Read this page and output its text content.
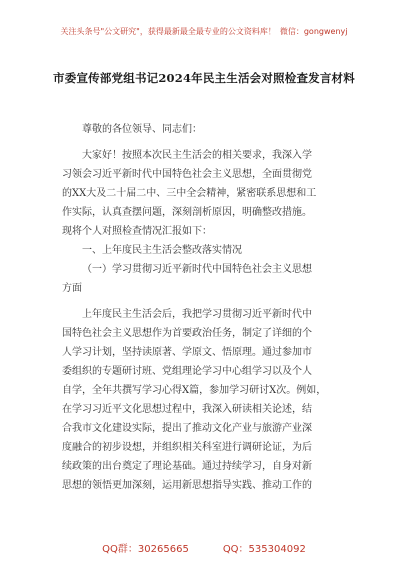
关注头条号"公文研究"，获得最新最全最专业的公文资料库！ 微信：gongwenyj
市委宣传部党组书记2024年民主生活会对照检查发言材料

尊敬的各位领导、同志们：

大家好！按照本次民主生活会的相关要求，我深入学

习领会习近平新时代中国特色社会主义思想，全面贯彻党

的XX大及二十届二中、三中全会精神，紧密联系思想和工

作实际，认真查摆问题，深刻剖析原因，明确整改措施。

现将个人对照检查情况汇报如下：

一、上年度民主生活会整改落实情况

（一）学习贯彻习近平新时代中国特色社会主义思想

方面

上年度民主生活会后，我把学习贯彻习近平新时代中

国特色社会主义思想作为首要政治任务，制定了详细的个

人学习计划，坚持读原著、学原文、悟原理。通过参加市

委组织的专题研讨班、党组理论学习中心组学习以及个人

自学，全年共撰写学习心得X篇，参加学习研讨X次。例如，

在学习习近平文化思想过程中，我深入研读相关论述，结

合我市文化建设实际，提出了推动文化产业与旅游产业深

度融合的初步设想，并组织相关科室进行调研论证，为后

续政策的出台奠定了理论基础。通过持续学习，自身对新

思想的领悟更加深刻，运用新思想指导实践、推动工作的

QQ群：30265665	QQ：535304092
